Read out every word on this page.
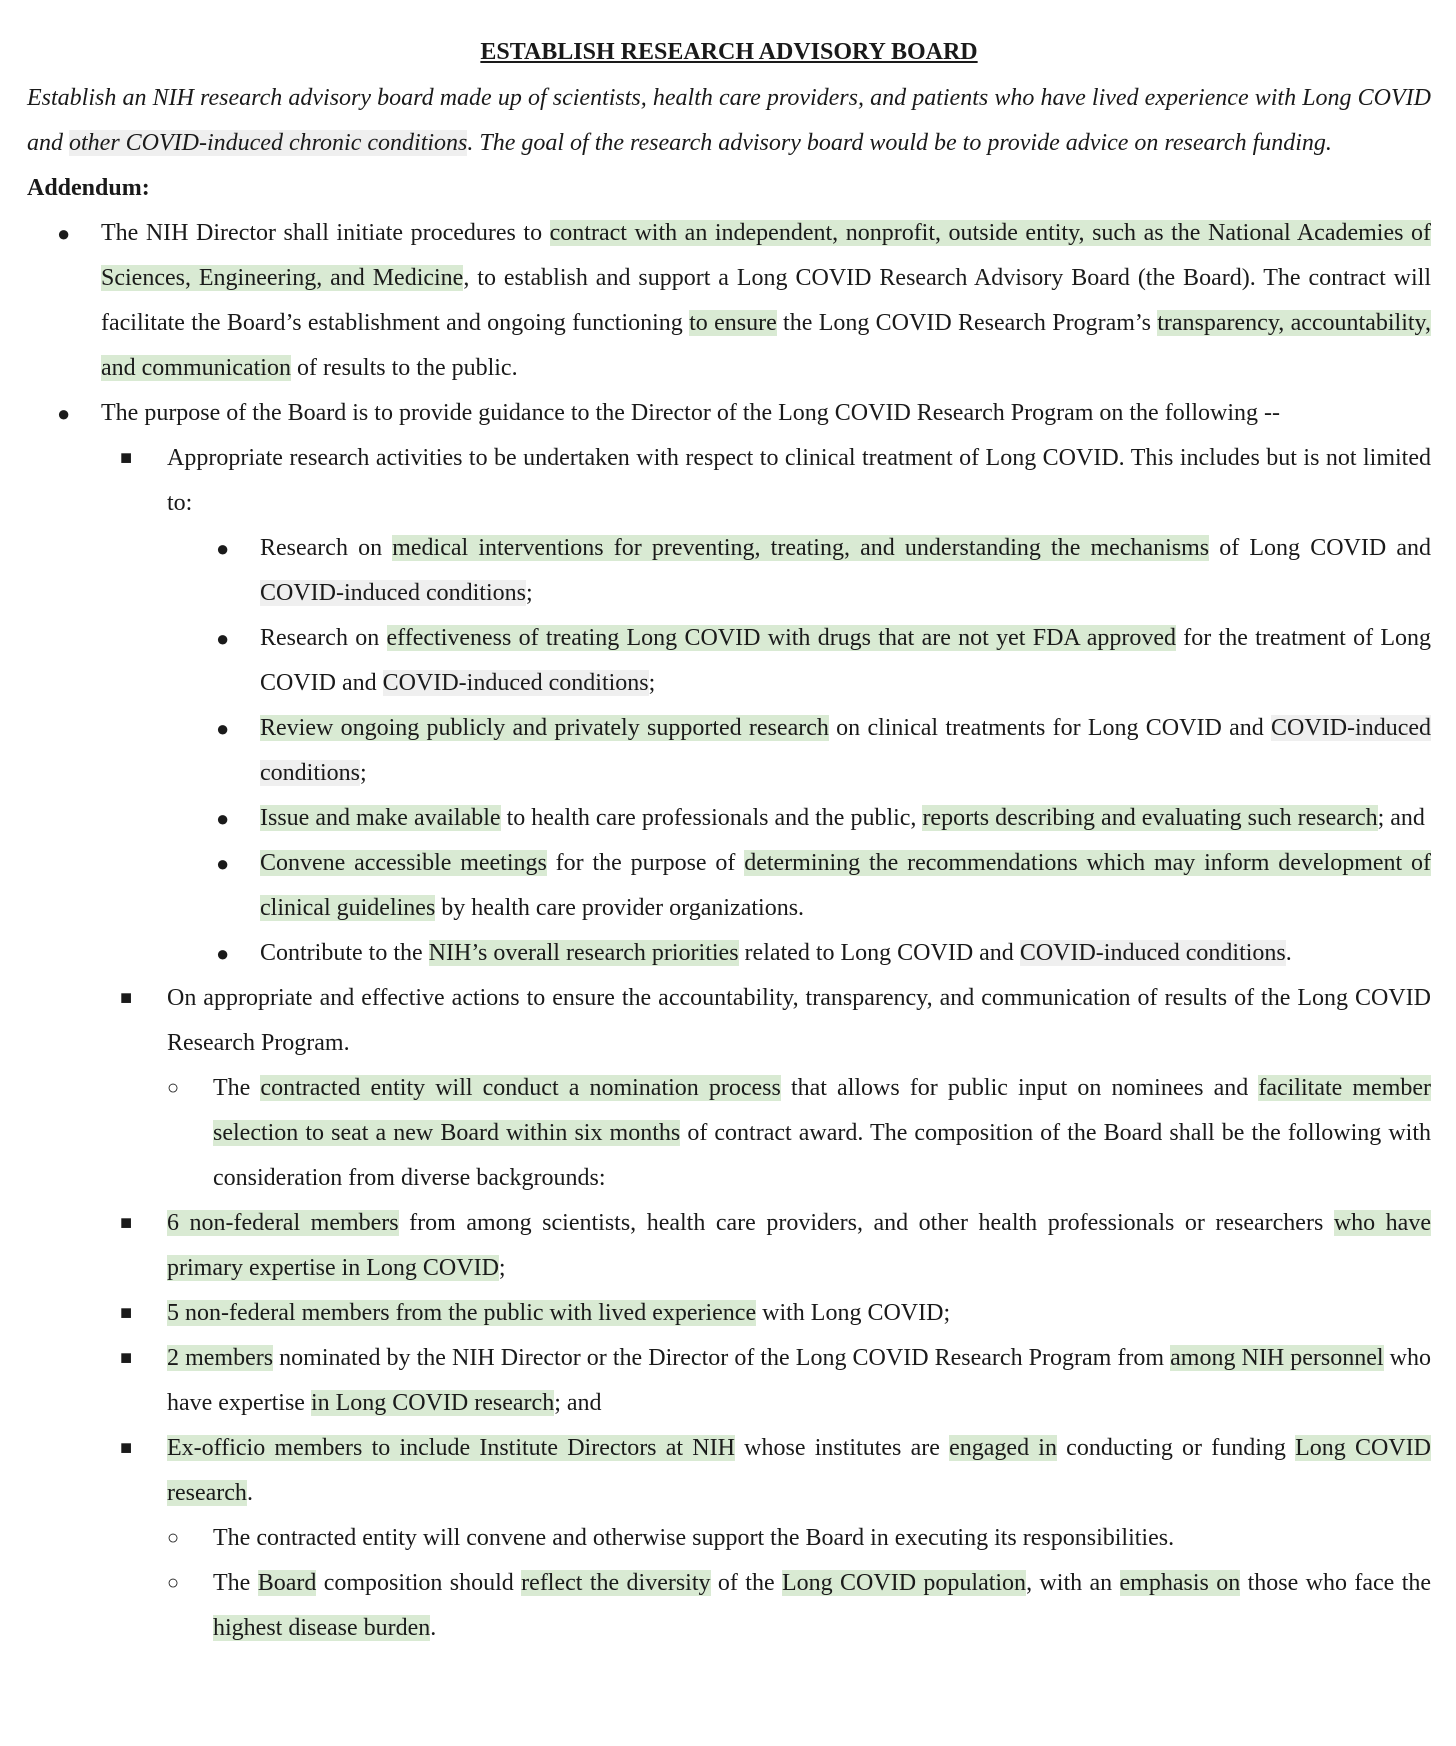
ESTABLISH RESEARCH ADVISORY BOARD

Establish an NIH research advisory board made up of scientists, health care providers, and patients who have lived experience with Long COVID and other COVID-induced chronic conditions. The goal of the research advisory board would be to provide advice on research funding.

Addendum:

● The NIH Director shall initiate procedures to contract with an independent, nonprofit, outside entity, such as the National Academies of Sciences, Engineering, and Medicine, to establish and support a Long COVID Research Advisory Board (the Board). The contract will facilitate the Board’s establishment and ongoing functioning to ensure the Long COVID Research Program’s transparency, accountability, and communication of results to the public.
● The purpose of the Board is to provide guidance to the Director of the Long COVID Research Program on the following --
■ Appropriate research activities to be undertaken with respect to clinical treatment of Long COVID. This includes but is not limited to:
● Research on medical interventions for preventing, treating, and understanding the mechanisms of Long COVID and COVID-induced conditions;
● Research on effectiveness of treating Long COVID with drugs that are not yet FDA approved for the treatment of Long COVID and COVID-induced conditions;
● Review ongoing publicly and privately supported research on clinical treatments for Long COVID and COVID-induced conditions;
● Issue and make available to health care professionals and the public, reports describing and evaluating such research; and
● Convene accessible meetings for the purpose of determining the recommendations which may inform development of clinical guidelines by health care provider organizations.
● Contribute to the NIH’s overall research priorities related to Long COVID and COVID-induced conditions.
■ On appropriate and effective actions to ensure the accountability, transparency, and communication of results of the Long COVID Research Program.
○ The contracted entity will conduct a nomination process that allows for public input on nominees and facilitate member selection to seat a new Board within six months of contract award. The composition of the Board shall be the following with consideration from diverse backgrounds:
■ 6 non-federal members from among scientists, health care providers, and other health professionals or researchers who have primary expertise in Long COVID;
■ 5 non-federal members from the public with lived experience with Long COVID;
■ 2 members nominated by the NIH Director or the Director of the Long COVID Research Program from among NIH personnel who have expertise in Long COVID research; and
■ Ex-officio members to include Institute Directors at NIH whose institutes are engaged in conducting or funding Long COVID research.
○ The contracted entity will convene and otherwise support the Board in executing its responsibilities.
○ The Board composition should reflect the diversity of the Long COVID population, with an emphasis on those who face the highest disease burden.
